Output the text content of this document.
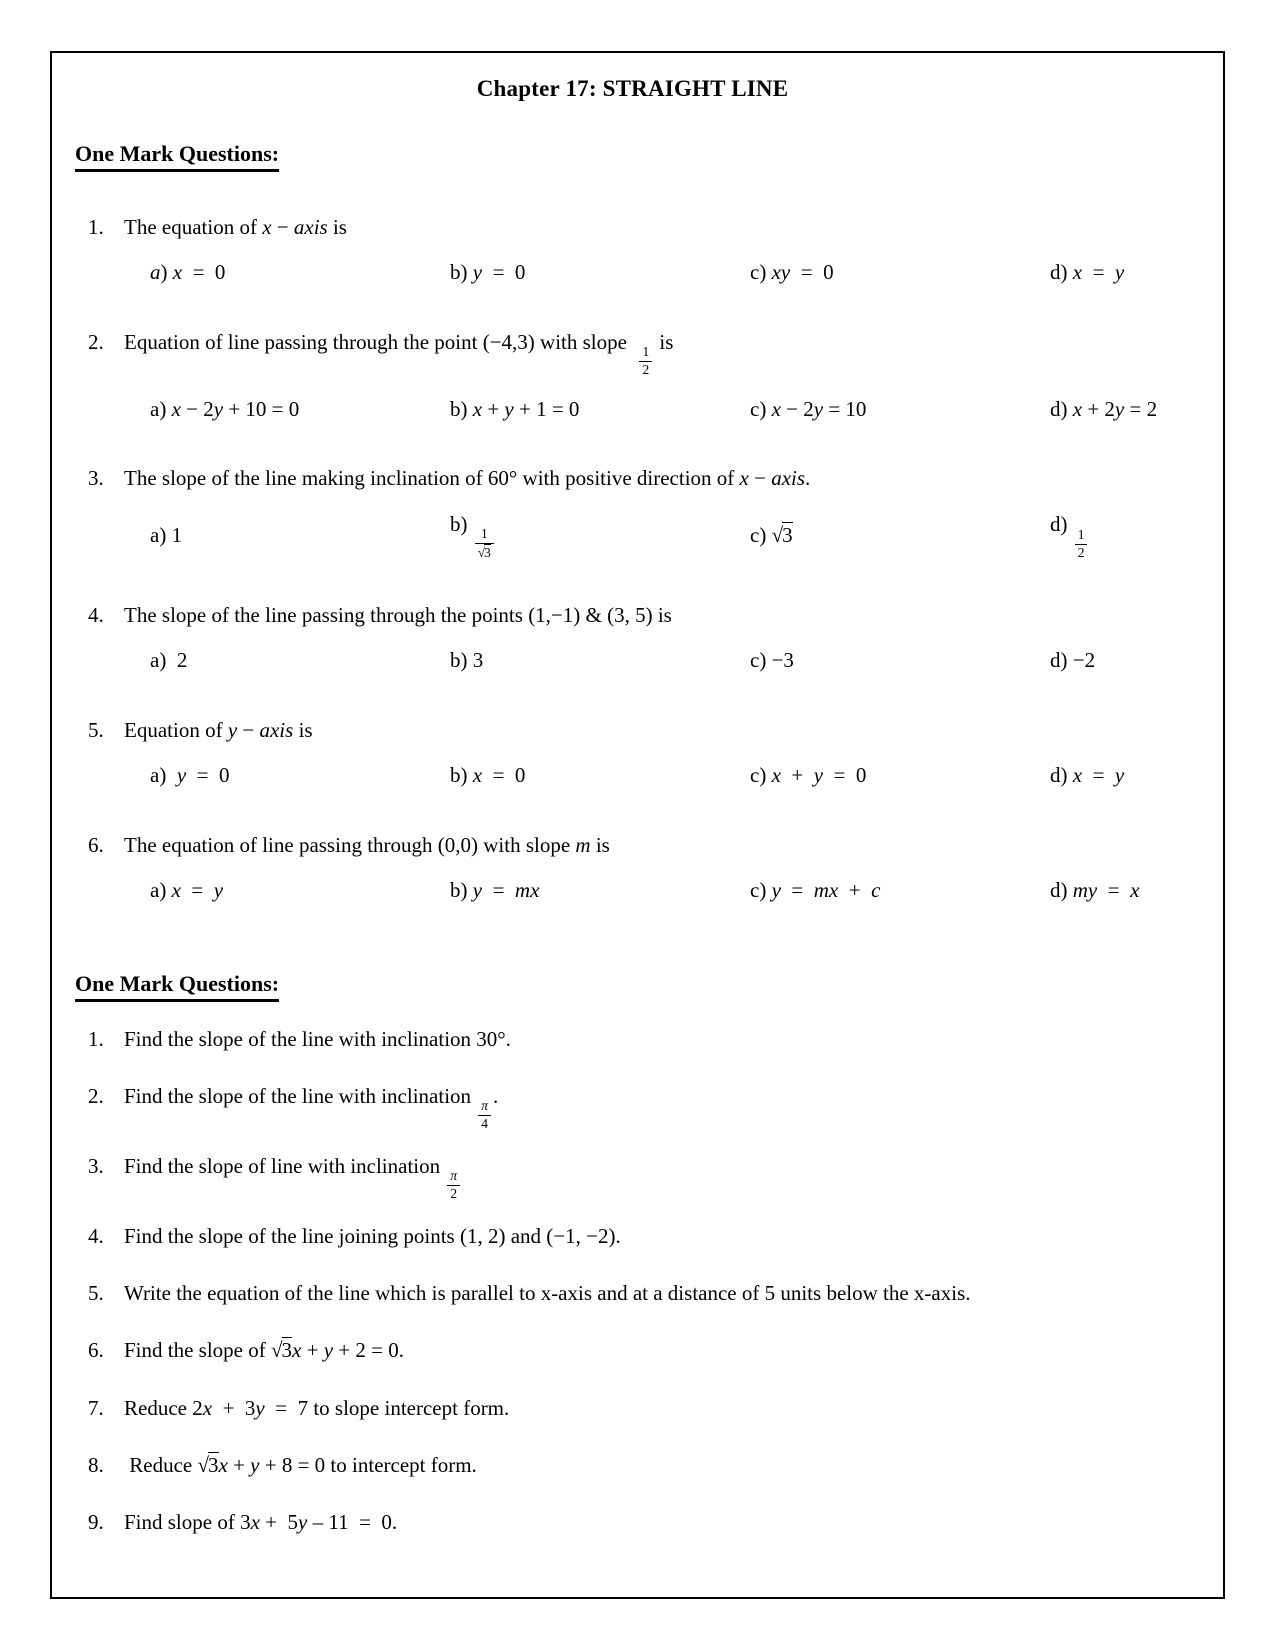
Chapter 17: STRAIGHT LINE
One Mark Questions:
1. The equation of x − axis is
a) x  =  0	b) y  =  0	c) xy  =  0	d) x  =  y
2. Equation of line passing through the point (−4,3) with slope
$\frac{1}{2}$
is
a) x − 2y + 10 = 0	b) x + y + 1 = 0	c) x − 2y = 10	d) x + 2y = 2
3. The slope of the line making inclination of 60° with positive direction of x − axis.
a) 1	b)
$\frac{1}{√3}$	c) √3	d)
$\frac{1}{2}$
4. The slope of the line passing through the points (1,−1) & (3, 5) is
a)  2	b) 3	c) −3	d) −2
5. Equation of y − axis is
a)  y  =  0	b) x  =  0	c) x  +  y  =  0	d) x  =  y
6. The equation of line passing through (0,0) with slope m is
a) x  =  y	b) y  =  mx	c) y  =  mx  +  c	d) my  =  x
One Mark Questions:
1. Find the slope of the line with inclination 30°.
2. Find the slope of the line with inclination
$\frac{\pi}{4}$
.
3. Find the slope of line with inclination
$\frac{\pi}{2}$
4. Find the slope of the line joining points (1, 2) and (−1, −2).
5. Write the equation of the line which is parallel to x-axis and at a distance of 5 units below the x-axis.
6. Find the slope of √3x + y + 2 = 0.
7. Reduce 2x  +  3y  =  7 to slope intercept form.
8. Reduce √3x + y + 8 = 0 to intercept form.
9. Find slope of 3x +  5y – 11  =  0.
